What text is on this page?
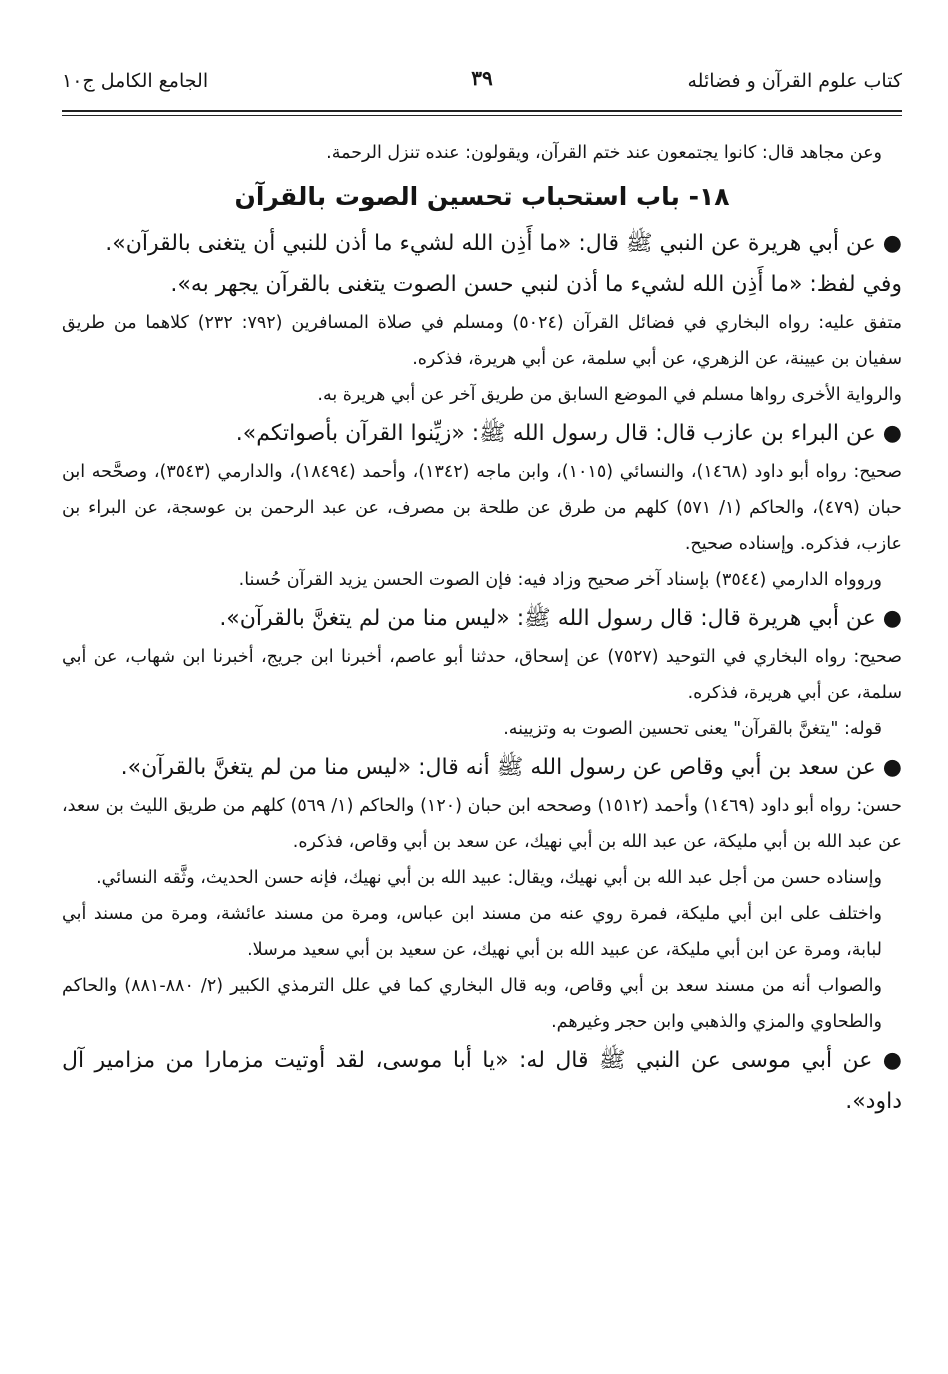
كتاب علوم القرآن و فضائله
٣٩
الجامع الكامل ج١٠

وعن مجاهد قال: كانوا يجتمعون عند ختم القرآن، ويقولون: عنده تنزل الرحمة.

١٨- باب استحباب تحسين الصوت بالقرآن

● عن أبي هريرة عن النبي ﷺ قال: «ما أَذِن الله لشيء ما أذن للنبي أن يتغنى بالقرآن».

وفي لفظ: «ما أَذِن الله لشيء ما أذن لنبي حسن الصوت يتغنى بالقرآن يجهر به».

متفق عليه: رواه البخاري في فضائل القرآن (٥٠٢٤) ومسلم في صلاة المسافرين (٧٩٢: ٢٣٢) كلاهما من طريق سفيان بن عيينة، عن الزهري، عن أبي سلمة، عن أبي هريرة، فذكره.

والرواية الأخرى رواها مسلم في الموضع السابق من طريق آخر عن أبي هريرة به.

● عن البراء بن عازب قال: قال رسول الله ﷺ: «زيِّنوا القرآن بأصواتكم».

صحيح: رواه أبو داود (١٤٦٨)، والنسائي (١٠١٥)، وابن ماجه (١٣٤٢)، وأحمد (١٨٤٩٤)، والدارمي (٣٥٤٣)، وصحَّحه ابن حبان (٤٧٩)، والحاكم (١/ ٥٧١) كلهم من طرق عن طلحة بن مصرف، عن عبد الرحمن بن عوسجة، عن البراء بن عازب، فذكره. وإسناده صحيح.

وروواه الدارمي (٣٥٤٤) بإسناد آخر صحيح وزاد فيه: فإن الصوت الحسن يزيد القرآن حُسنا.

● عن أبي هريرة قال: قال رسول الله ﷺ: «ليس منا من لم يتغنَّ بالقرآن».

صحيح: رواه البخاري في التوحيد (٧٥٢٧) عن إسحاق، حدثنا أبو عاصم، أخبرنا ابن جريج، أخبرنا ابن شهاب، عن أبي سلمة، عن أبي هريرة، فذكره.

قوله: "يتغنَّ بالقرآن" يعنى تحسين الصوت به وتزيينه.

● عن سعد بن أبي وقاص عن رسول الله ﷺ أنه قال: «ليس منا من لم يتغنَّ بالقرآن».

حسن: رواه أبو داود (١٤٦٩) وأحمد (١٥١٢) وصححه ابن حبان (١٢٠) والحاكم (١/ ٥٦٩) كلهم من طريق الليث بن سعد، عن عبد الله بن أبي مليكة، عن عبد الله بن أبي نهيك، عن سعد بن أبي وقاص، فذكره.

وإسناده حسن من أجل عبد الله بن أبي نهيك، ويقال: عبيد الله بن أبي نهيك، فإنه حسن الحديث، وثَّقه النسائي.

واختلف على ابن أبي مليكة، فمرة روي عنه من مسند ابن عباس، ومرة من مسند عائشة، ومرة من مسند أبي لبابة، ومرة عن ابن أبي مليكة، عن عبيد الله بن أبي نهيك، عن سعيد بن أبي سعيد مرسلا.

والصواب أنه من مسند سعد بن أبي وقاص، وبه قال البخاري كما في علل الترمذي الكبير (٢/ ٨٨٠-٨٨١) والحاكم والطحاوي والمزي والذهبي وابن حجر وغيرهم.

● عن أبي موسى عن النبي ﷺ قال له: «يا أبا موسى، لقد أوتيت مزمارا من مزامير آل داود».
